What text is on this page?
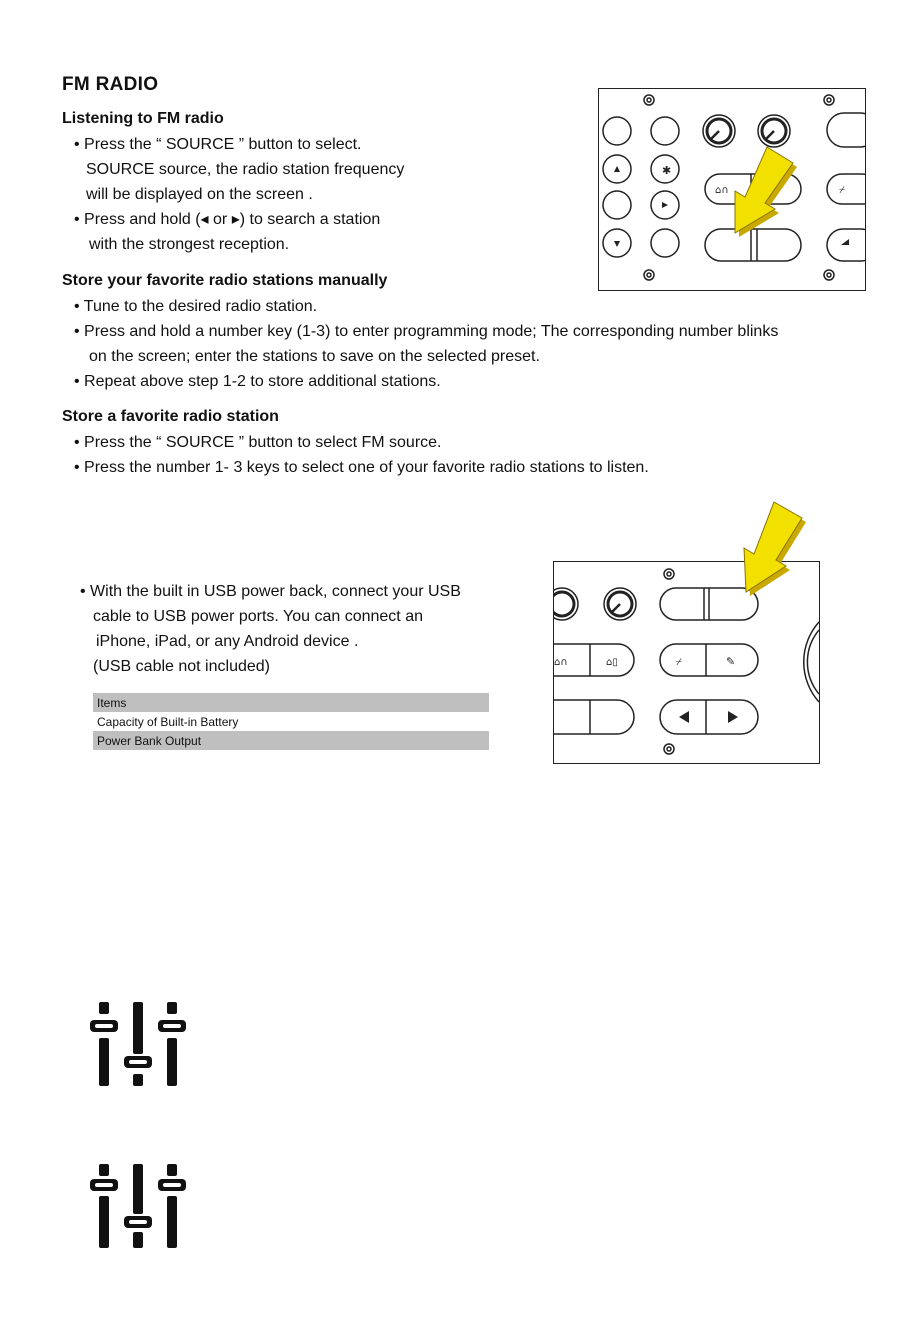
FM RADIO
Listening to FM radio
• Press the “ SOURCE ” button to select.
SOURCE source, the radio station frequency
will be displayed on the screen .
• Press and hold (◂ or ▸) to search a station
with the strongest reception.
Store your favorite radio stations manually
• Tune to the desired radio station.
• Press and hold a number key (1-3) to enter programming mode; The corresponding number blinks
on the screen; enter the stations to save on the selected preset.
• Repeat above step 1-2 to store additional stations.
Store a favorite radio station
• Press the “ SOURCE ” button to select FM source.
• Press the number 1- 3 keys to select one of your favorite radio stations to listen.
• With the built in USB power back, connect your USB
cable to USB power ports. You can connect an
iPhone, iPad, or any Android device .
(USB cable not included)
Items
Capacity of Built-in Battery
Power Bank Output
✱
⌂∩	⌿
⌂∩	⌂▯	⌿	✎
